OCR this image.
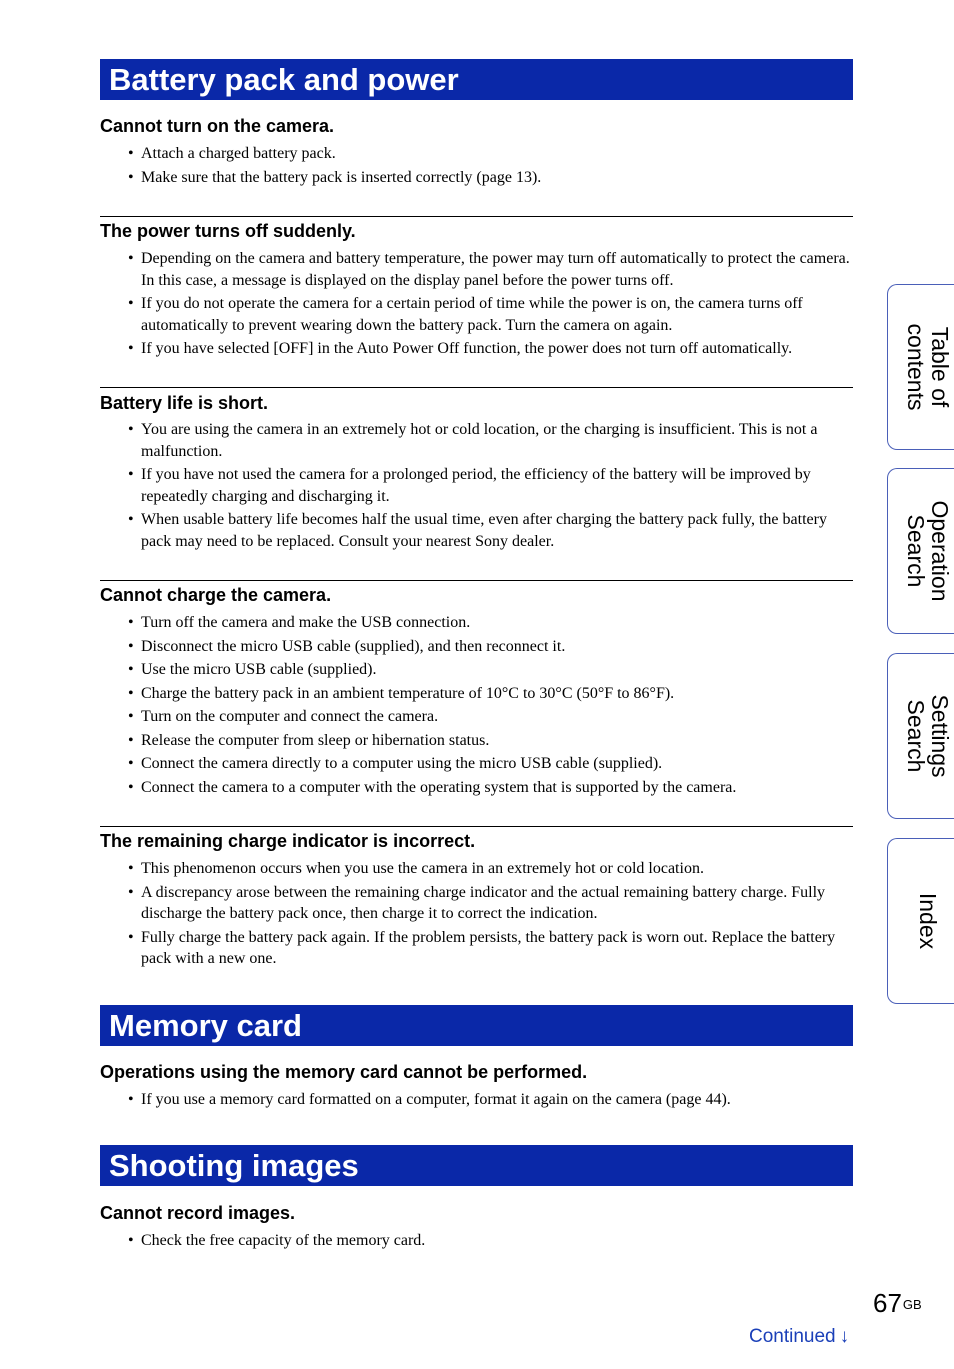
Battery pack and power
Memory card
Shooting images
Cannot turn on the camera.
• Attach a charged battery pack.
• Make sure that the battery pack is inserted correctly (page 13).
The power turns off suddenly.
• Depending on the camera and battery temperature, the power may turn off automatically to protect the camera. In this case, a message is displayed on the display panel before the power turns off.
• If you do not operate the camera for a certain period of time while the power is on, the camera turns off automatically to prevent wearing down the battery pack. Turn the camera on again.
• If you have selected [OFF] in the Auto Power Off function, the power does not turn off automatically.
Battery life is short.
• You are using the camera in an extremely hot or cold location, or the charging is insufficient. This is not a malfunction.
• If you have not used the camera for a prolonged period, the efficiency of the battery will be improved by repeatedly charging and discharging it.
• When usable battery life becomes half the usual time, even after charging the battery pack fully, the battery pack may need to be replaced. Consult your nearest Sony dealer.
Cannot charge the camera.
• Turn off the camera and make the USB connection.
• Disconnect the micro USB cable (supplied), and then reconnect it.
• Use the micro USB cable (supplied).
• Charge the battery pack in an ambient temperature of 10°C to 30°C (50°F to 86°F).
• Turn on the computer and connect the camera.
• Release the computer from sleep or hibernation status.
• Connect the camera directly to a computer using the micro USB cable (supplied).
• Connect the camera to a computer with the operating system that is supported by the camera.
The remaining charge indicator is incorrect.
• This phenomenon occurs when you use the camera in an extremely hot or cold location.
• A discrepancy arose between the remaining charge indicator and the actual remaining battery charge. Fully discharge the battery pack once, then charge it to correct the indication.
• Fully charge the battery pack again. If the problem persists, the battery pack is worn out. Replace the battery pack with a new one.
Operations using the memory card cannot be performed.
• If you use a memory card formatted on a computer, format it again on the camera (page 44).
Cannot record images.
• Check the free capacity of the memory card.
Table of
contents
Operation
Search
Settings
Search
Index
$67^{GB}$
Continued ↓
